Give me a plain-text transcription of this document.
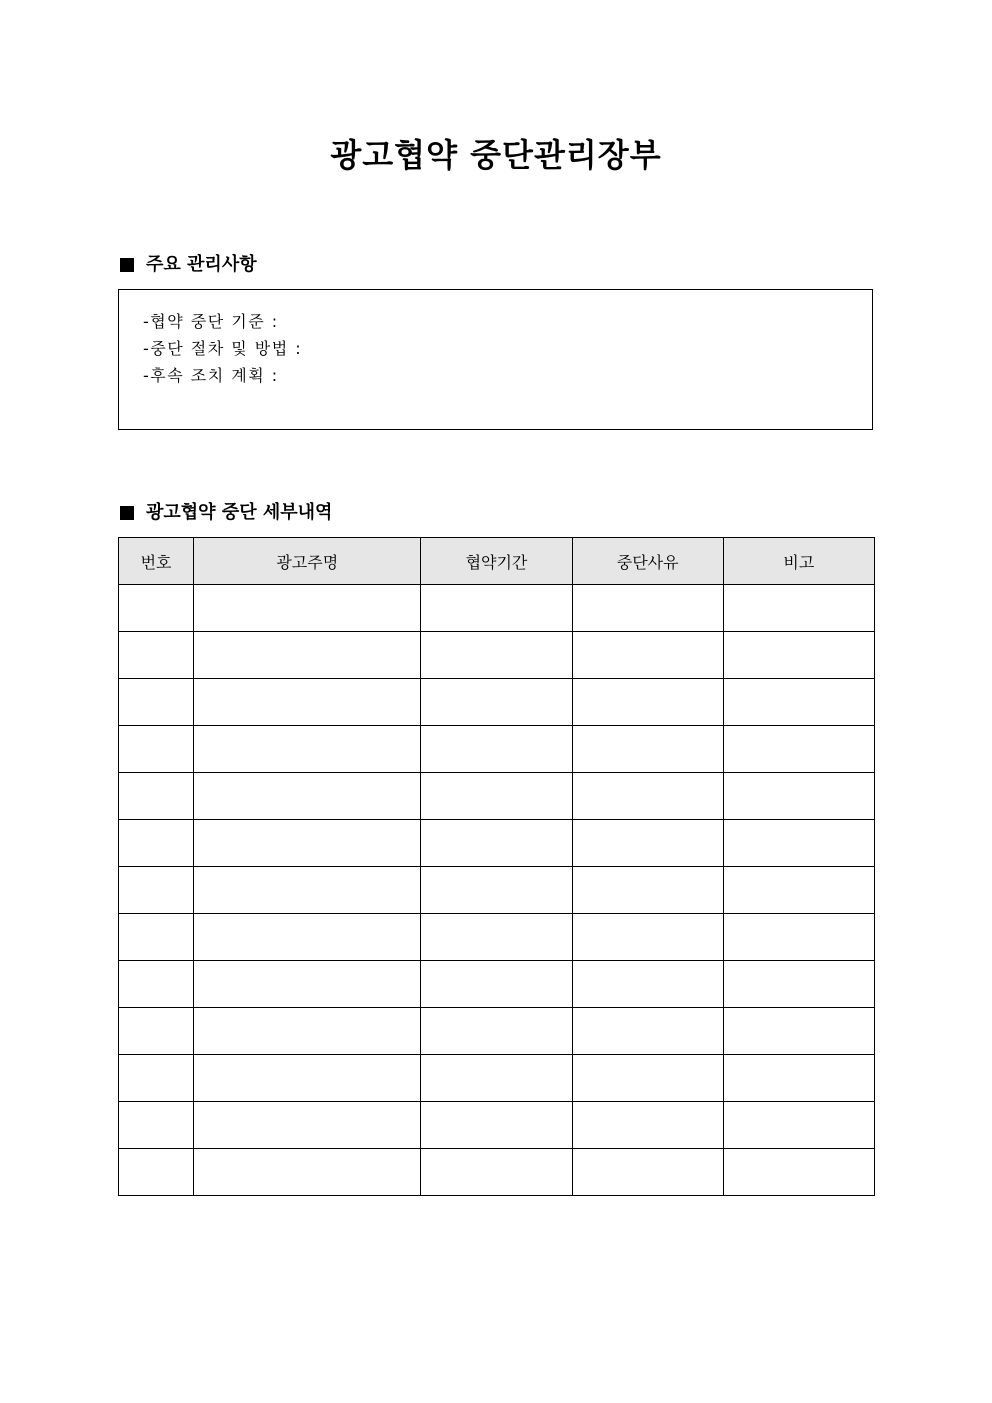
광고협약 중단관리장부
주요 관리사항
-협약 중단 기준 :
-중단 절차 및 방법 :
-후속 조치 계획 :
광고협약 중단 세부내역
번호	광고주명	협약기간	중단사유	비고
